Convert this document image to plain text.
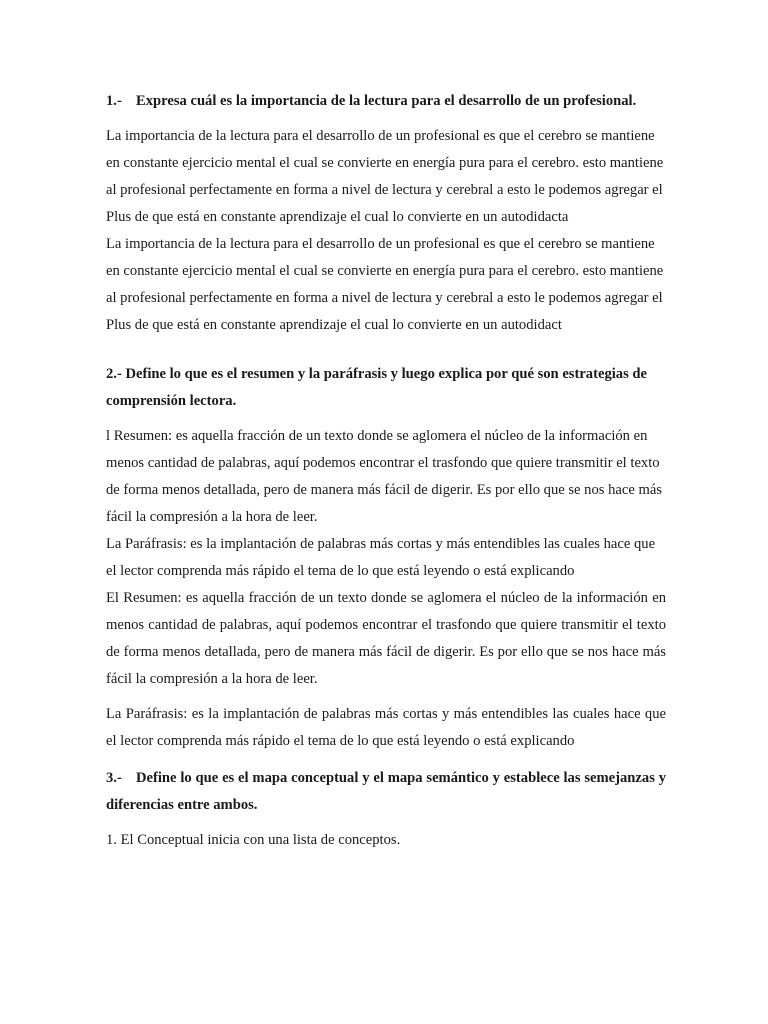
1.- Expresa cuál es la importancia de la lectura para el desarrollo de un profesional.

La importancia de la lectura para el desarrollo de un profesional es que el cerebro se mantiene en constante ejercicio mental el cual se convierte en energía pura para el cerebro. esto mantiene al profesional perfectamente en forma a nivel de lectura y cerebral a esto le podemos agregar el Plus de que está en constante aprendizaje el cual lo convierte en un autodidacta

La importancia de la lectura para el desarrollo de un profesional es que el cerebro se mantiene en constante ejercicio mental el cual se convierte en energía pura para el cerebro. esto mantiene al profesional perfectamente en forma a nivel de lectura y cerebral a esto le podemos agregar el Plus de que está en constante aprendizaje el cual lo convierte en un autodidact

2.- Define lo que es el resumen y la paráfrasis y luego explica por qué son estrategias de comprensión lectora.

l Resumen: es aquella fracción de un texto donde se aglomera el núcleo de la información en menos cantidad de palabras, aquí podemos encontrar el trasfondo que quiere transmitir el texto de forma menos detallada, pero de manera más fácil de digerir. Es por ello que se nos hace más fácil la compresión a la hora de leer.

La Paráfrasis: es la implantación de palabras más cortas y más entendibles las cuales hace que el lector comprenda más rápido el tema de lo que está leyendo o está explicando

El Resumen: es aquella fracción de un texto donde se aglomera el núcleo de la información en menos cantidad de palabras, aquí podemos encontrar el trasfondo que quiere transmitir el texto de forma menos detallada, pero de manera más fácil de digerir. Es por ello que se nos hace más fácil la compresión a la hora de leer.

La Paráfrasis: es la implantación de palabras más cortas y más entendibles las cuales hace que el lector comprenda más rápido el tema de lo que está leyendo o está explicando

3.- Define lo que es el mapa conceptual y el mapa semántico y establece las semejanzas y diferencias entre ambos.

1. El Conceptual inicia con una lista de conceptos.
